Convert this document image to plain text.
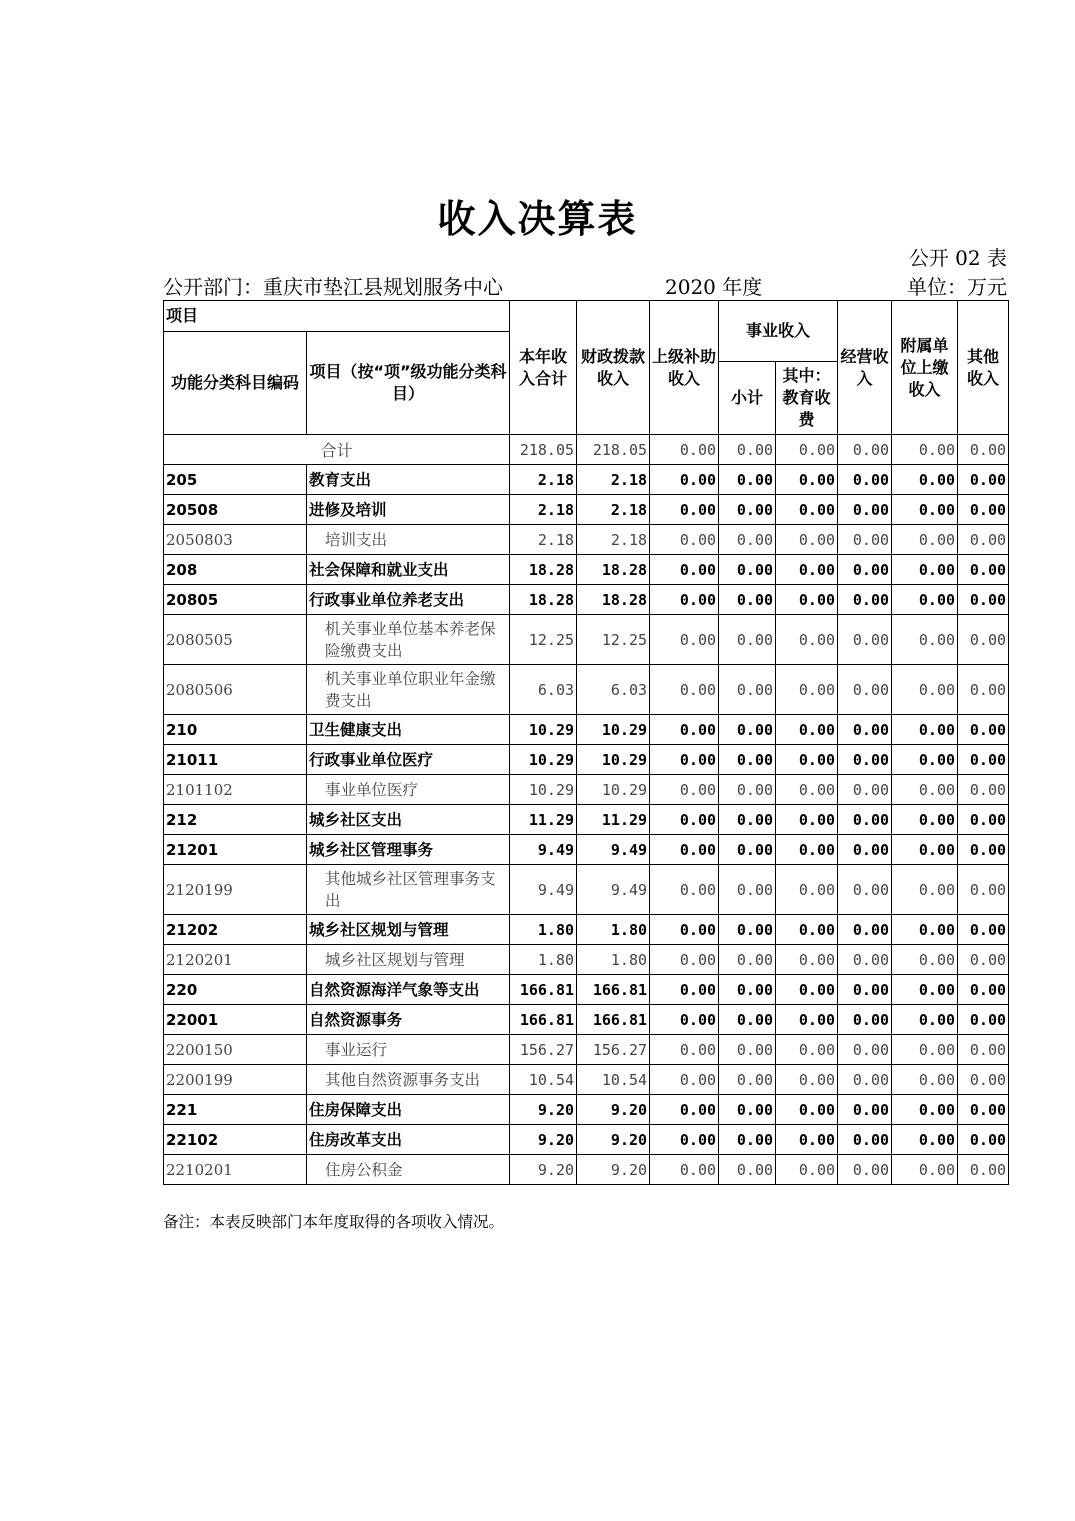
收入决算表
公开 02 表
公开部门：重庆市垫江县规划服务中心	2020 年度	单位：万元
项目		本年收入合计	财政拨款收入	上级补助收入	事业收入		经营收入	附属单位上缴收入	其他收入
功能分类科目编码	项目（按“项”级功能分类科目）								
					小计	其中：教育收费			
合计		218.05	218.05	0.00	0.00	0.00	0.00	0.00	0.00
205	教育支出	2.18	2.18	0.00	0.00	0.00	0.00	0.00	0.00
20508	进修及培训	2.18	2.18	0.00	0.00	0.00	0.00	0.00	0.00
2050803	培训支出	2.18	2.18	0.00	0.00	0.00	0.00	0.00	0.00
208	社会保障和就业支出	18.28	18.28	0.00	0.00	0.00	0.00	0.00	0.00
20805	行政事业单位养老支出	18.28	18.28	0.00	0.00	0.00	0.00	0.00	0.00
2080505	机关事业单位基本养老保险缴费支出	12.25	12.25	0.00	0.00	0.00	0.00	0.00	0.00
2080506	机关事业单位职业年金缴费支出	6.03	6.03	0.00	0.00	0.00	0.00	0.00	0.00
210	卫生健康支出	10.29	10.29	0.00	0.00	0.00	0.00	0.00	0.00
21011	行政事业单位医疗	10.29	10.29	0.00	0.00	0.00	0.00	0.00	0.00
2101102	事业单位医疗	10.29	10.29	0.00	0.00	0.00	0.00	0.00	0.00
212	城乡社区支出	11.29	11.29	0.00	0.00	0.00	0.00	0.00	0.00
21201	城乡社区管理事务	9.49	9.49	0.00	0.00	0.00	0.00	0.00	0.00
2120199	其他城乡社区管理事务支出	9.49	9.49	0.00	0.00	0.00	0.00	0.00	0.00
21202	城乡社区规划与管理	1.80	1.80	0.00	0.00	0.00	0.00	0.00	0.00
2120201	城乡社区规划与管理	1.80	1.80	0.00	0.00	0.00	0.00	0.00	0.00
220	自然资源海洋气象等支出	166.81	166.81	0.00	0.00	0.00	0.00	0.00	0.00
22001	自然资源事务	166.81	166.81	0.00	0.00	0.00	0.00	0.00	0.00
2200150	事业运行	156.27	156.27	0.00	0.00	0.00	0.00	0.00	0.00
2200199	其他自然资源事务支出	10.54	10.54	0.00	0.00	0.00	0.00	0.00	0.00
221	住房保障支出	9.20	9.20	0.00	0.00	0.00	0.00	0.00	0.00
22102	住房改革支出	9.20	9.20	0.00	0.00	0.00	0.00	0.00	0.00
2210201	住房公积金	9.20	9.20	0.00	0.00	0.00	0.00	0.00	0.00
备注：本表反映部门本年度取得的各项收入情况。
